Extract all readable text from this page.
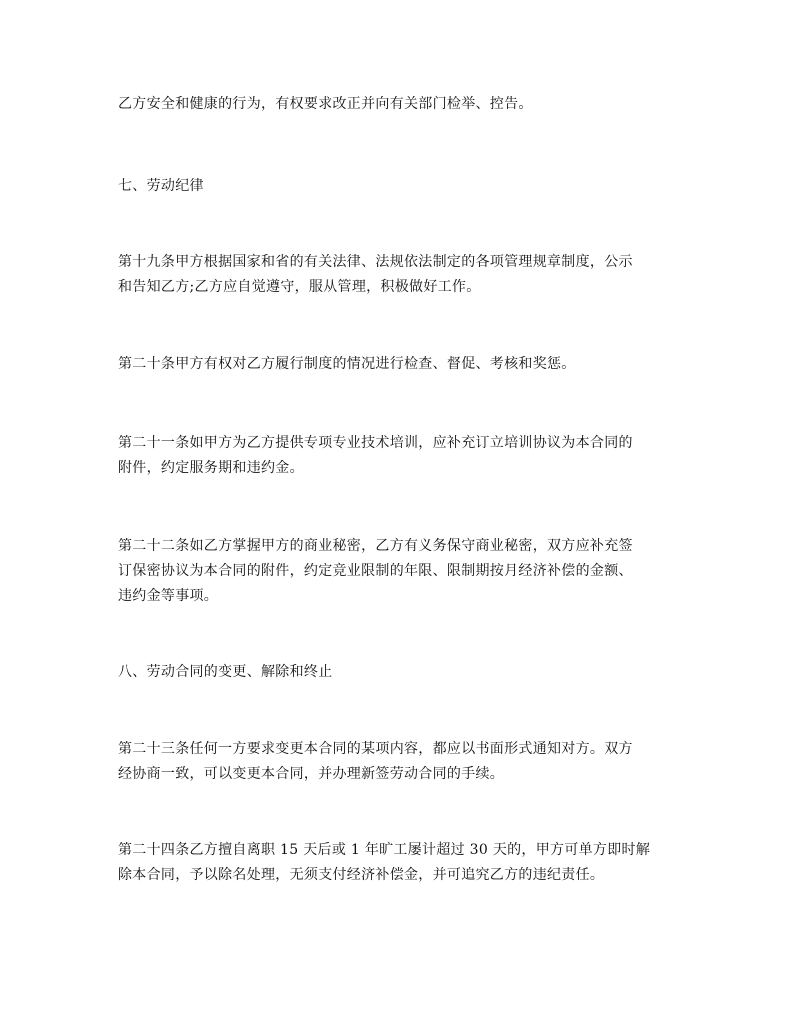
乙方安全和健康的行为，有权要求改正并向有关部门检举、控告。

七、劳动纪律

第十九条甲方根据国家和省的有关法律、法规依法制定的各项管理规章制度，公示
和告知乙方;乙方应自觉遵守，服从管理，积极做好工作。

第二十条甲方有权对乙方履行制度的情况进行检查、督促、考核和奖惩。

第二十一条如甲方为乙方提供专项专业技术培训，应补充订立培训协议为本合同的
附件，约定服务期和违约金。

第二十二条如乙方掌握甲方的商业秘密，乙方有义务保守商业秘密，双方应补充签
订保密协议为本合同的附件，约定竞业限制的年限、限制期按月经济补偿的金额、
违约金等事项。

八、劳动合同的变更、解除和终止

第二十三条任何一方要求变更本合同的某项内容，都应以书面形式通知对方。双方
经协商一致，可以变更本合同，并办理新签劳动合同的手续。

第二十四条乙方擅自离职 15 天后或 1 年旷工屡计超过 30 天的，甲方可单方即时解
除本合同，予以除名处理，无须支付经济补偿金，并可追究乙方的违纪责任。
